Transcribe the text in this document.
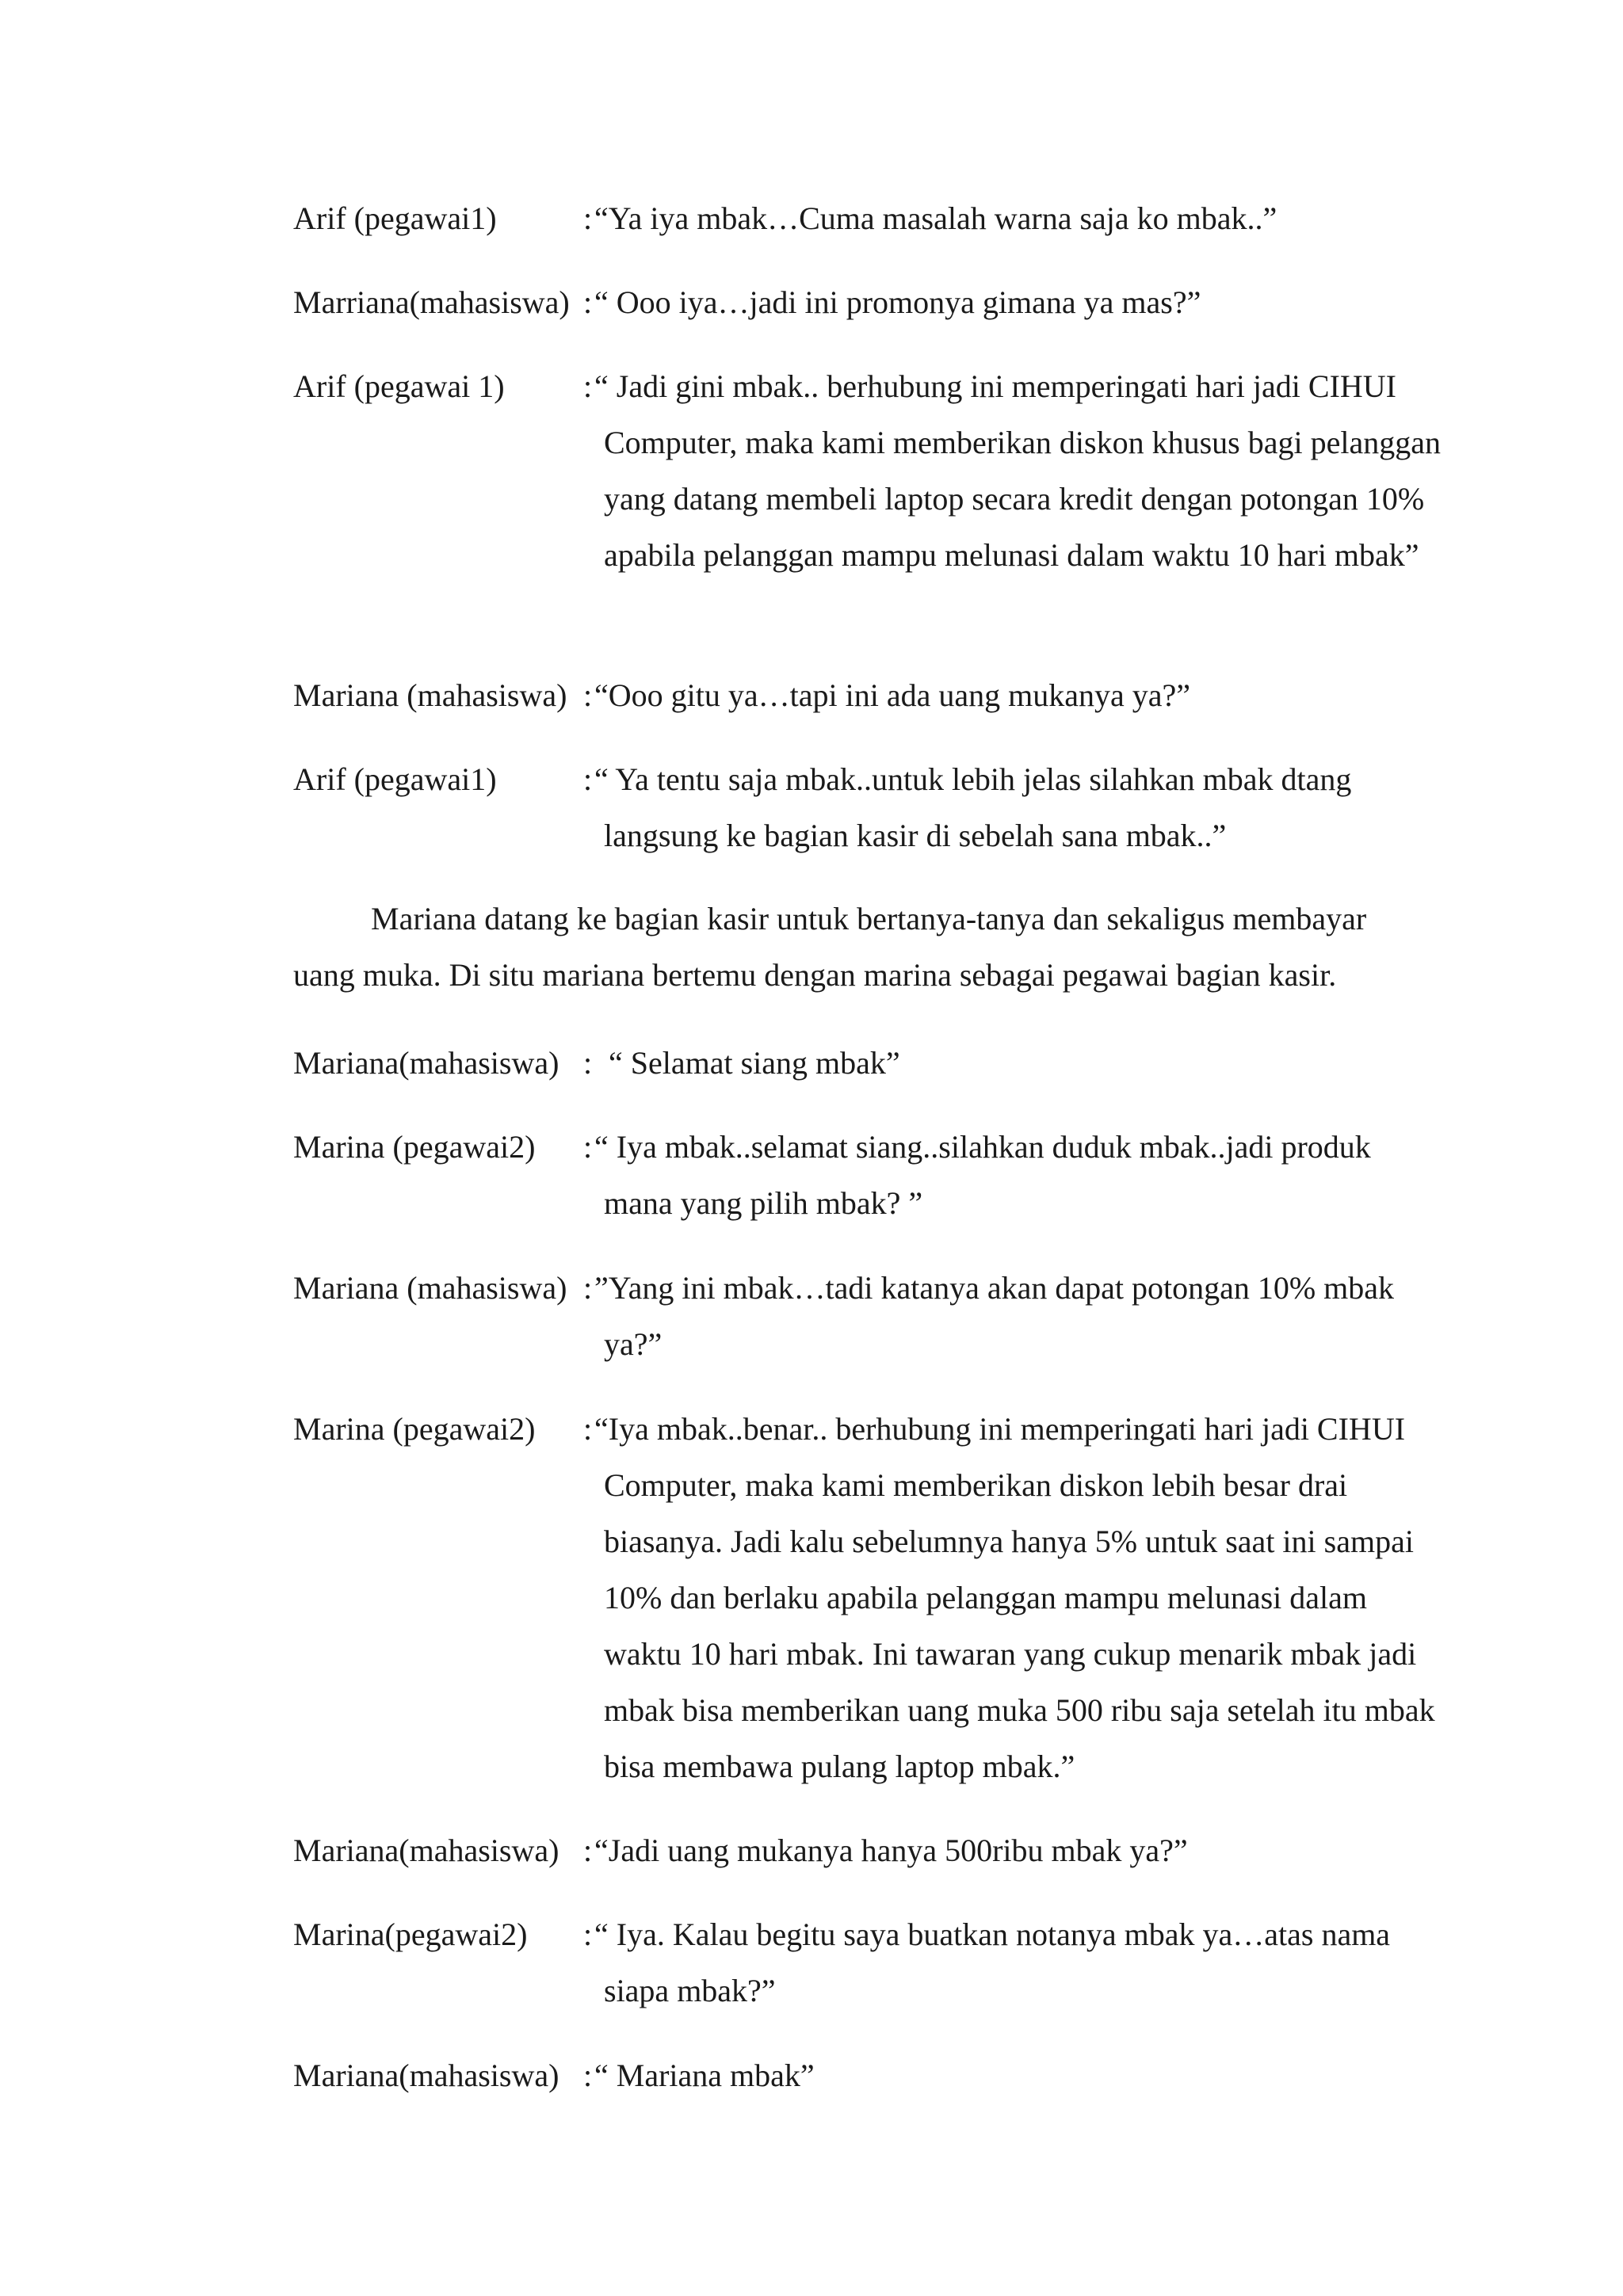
Arif (pegawai1)	: “Ya iya mbak…Cuma masalah warna saja ko mbak..”
Marriana(mahasiswa) : “ Ooo iya…jadi ini promonya gimana ya mas?”
Arif (pegawai 1) : “ Jadi gini mbak.. berhubung ini memperingati hari jadi CIHUI Computer, maka kami memberikan diskon khusus bagi pelanggan yang datang membeli laptop secara kredit dengan potongan 10% apabila pelanggan mampu melunasi dalam waktu 10 hari mbak”
Mariana (mahasiswa) : “Ooo gitu ya…tapi ini ada uang mukanya ya?”
Arif (pegawai1)	: “ Ya tentu saja mbak..untuk lebih jelas silahkan mbak dtang langsung ke bagian kasir di sebelah sana mbak..”

Mariana datang ke bagian kasir untuk bertanya-tanya dan sekaligus membayar uang muka. Di situ mariana bertemu dengan marina sebagai pegawai bagian kasir.

Mariana(mahasiswa) : “ Selamat siang mbak”
Marina (pegawai2) : “ Iya mbak..selamat siang..silahkan duduk mbak..jadi produk mana yang pilih mbak? ”
Mariana (mahasiswa) : ”Yang ini mbak…tadi katanya akan dapat potongan 10% mbak ya?”
Marina (pegawai2) : “Iya mbak..benar.. berhubung ini memperingati hari jadi CIHUI Computer, maka kami memberikan diskon lebih besar drai biasanya. Jadi kalu sebelumnya hanya 5% untuk saat ini sampai 10% dan berlaku apabila pelanggan mampu melunasi dalam waktu 10 hari mbak. Ini tawaran yang cukup menarik mbak jadi mbak bisa memberikan uang muka 500 ribu saja setelah itu mbak bisa membawa pulang laptop mbak.”
Mariana(mahasiswa) : “Jadi uang mukanya hanya 500ribu mbak ya?”
Marina(pegawai2) : “ Iya. Kalau begitu saya buatkan notanya mbak ya…atas nama siapa mbak?”
Mariana(mahasiswa) : “ Mariana mbak”
